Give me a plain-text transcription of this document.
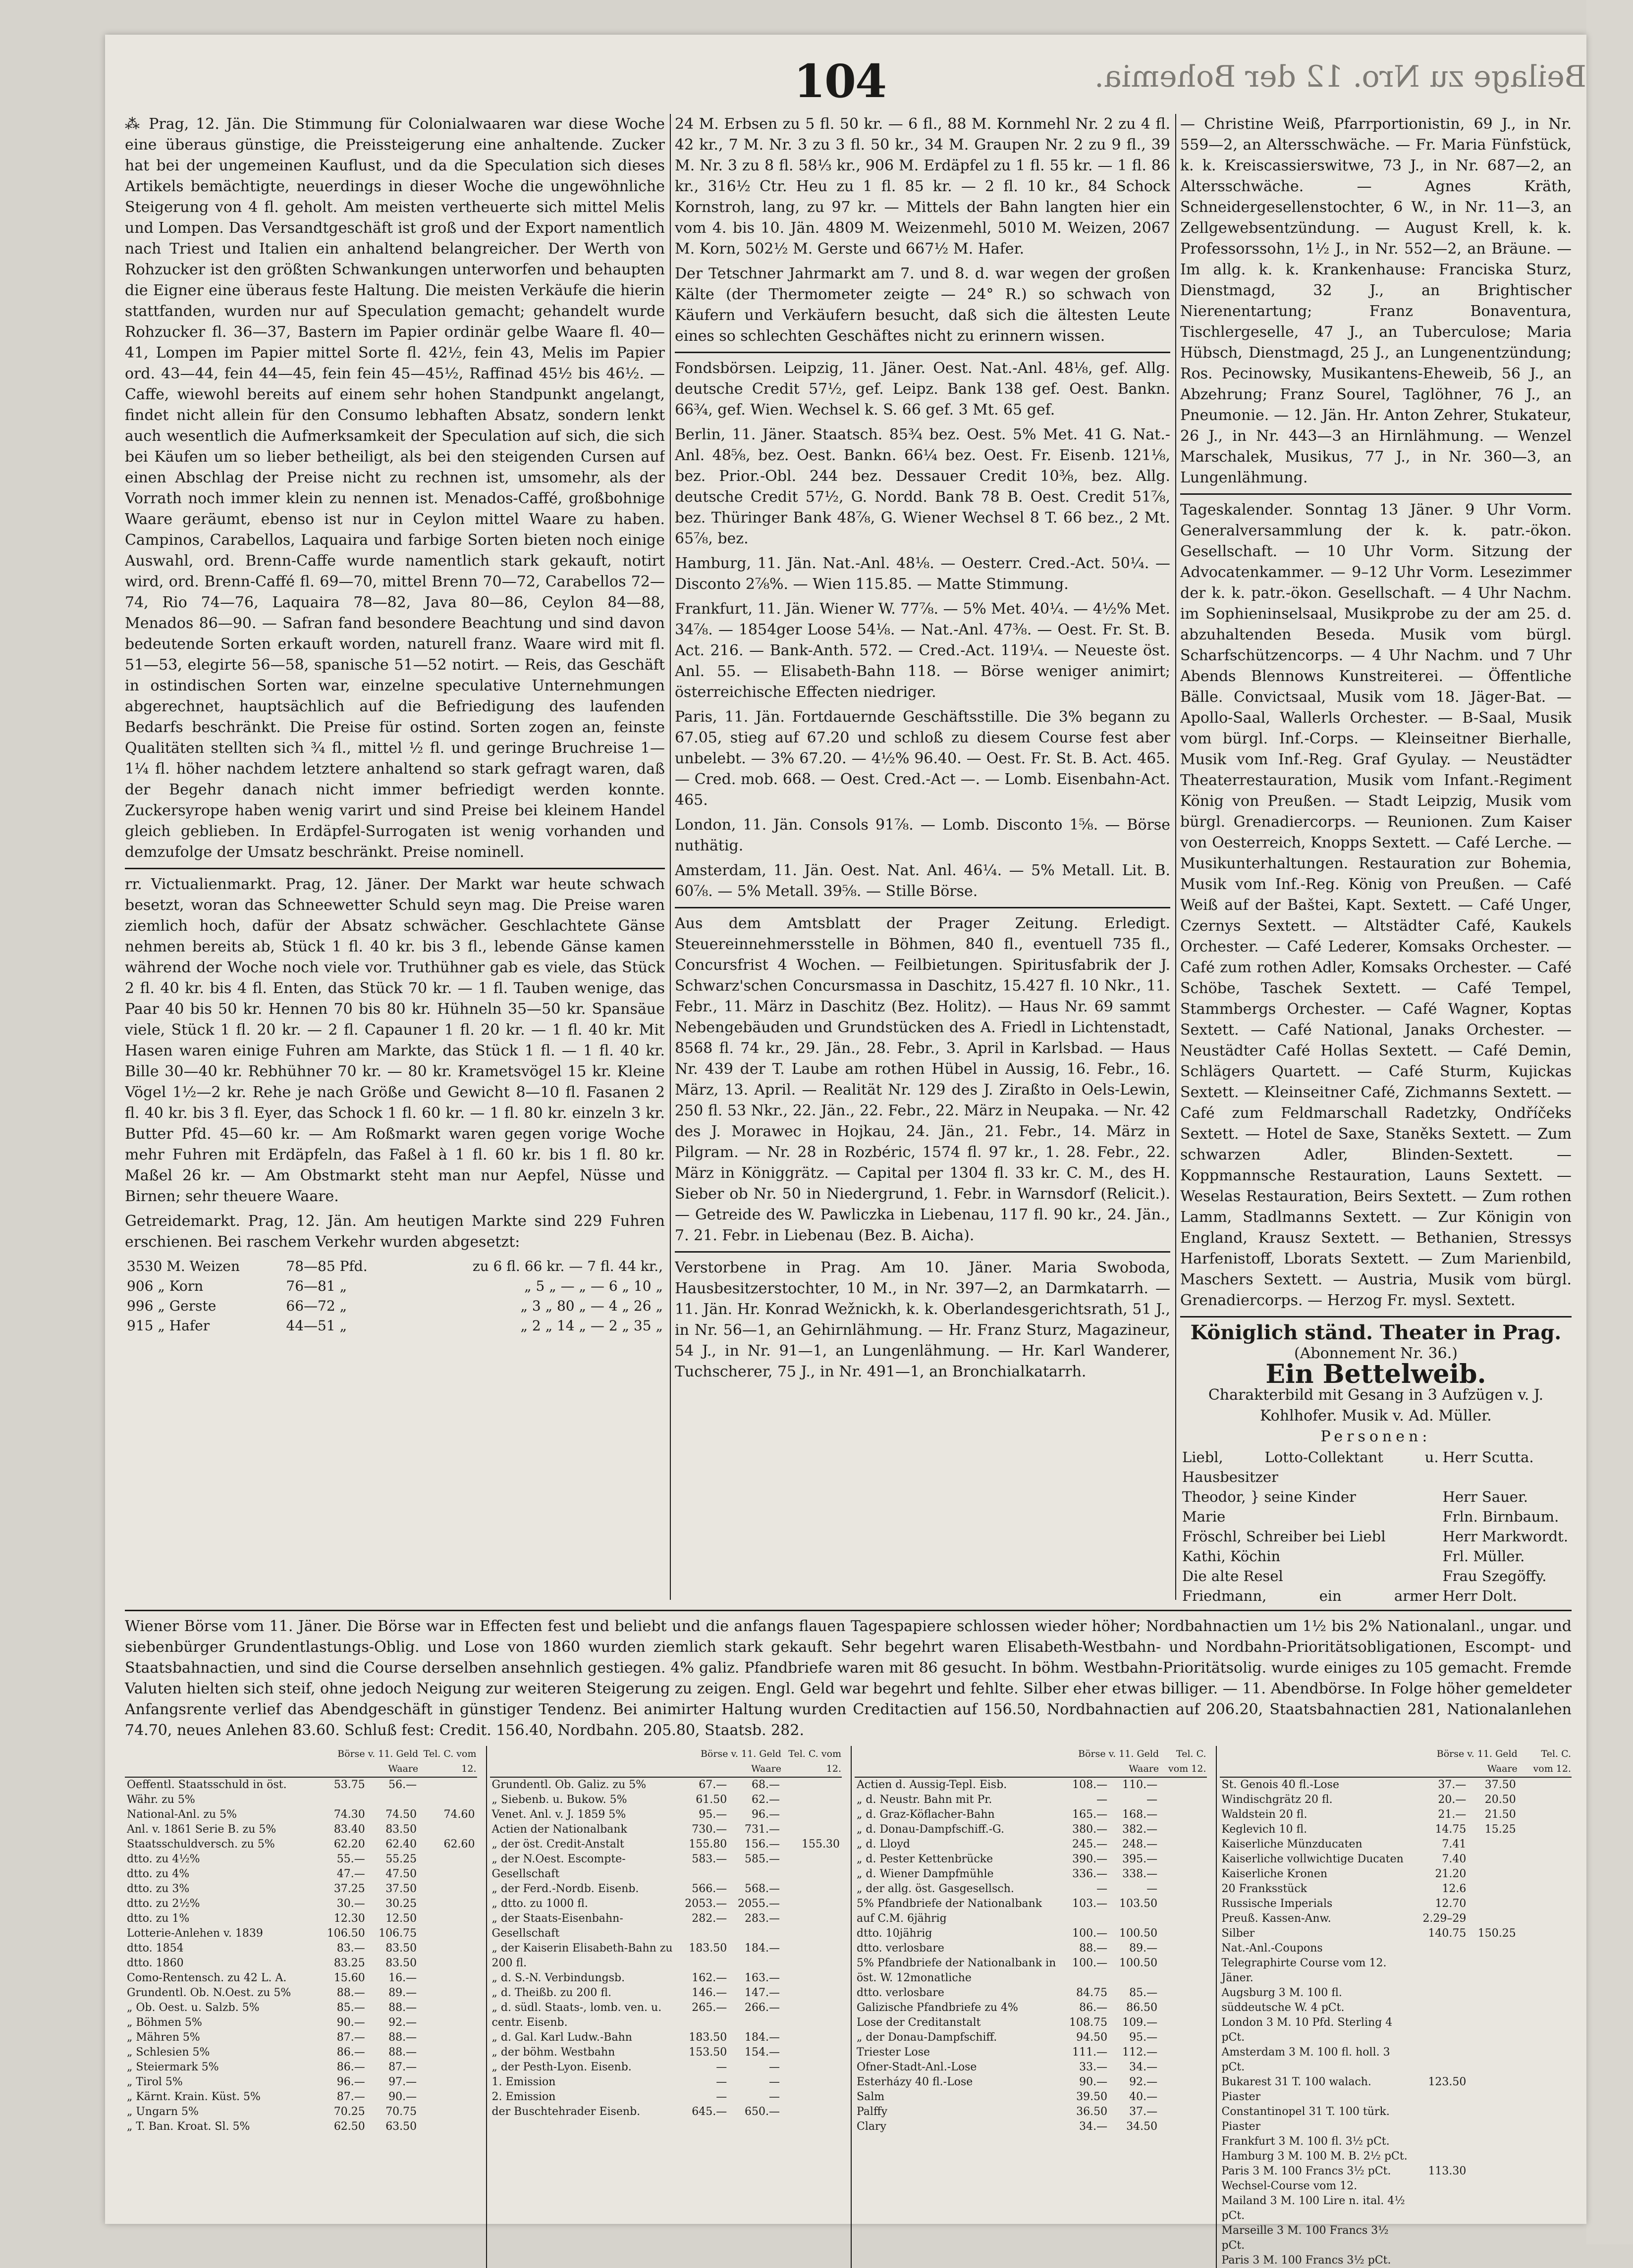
104	Beilage zu Nro. 12 der Bohemia.

⁂ Prag, 12. Jän. Die Stimmung für Colonialwaaren war diese Woche eine überaus günstige, die Preissteigerung eine anhaltende. Zucker hat bei der ungemeinen Kauflust, und da die Speculation sich dieses Artikels bemächtigte, neuerdings in dieser Woche die ungewöhnliche Steigerung von 4 fl. geholt. Am meisten vertheuerte sich mittel Melis und Lompen. Das Versandtgeschäft ist groß und der Export namentlich nach Triest und Italien ein anhaltend belangreicher. Der Werth von Rohzucker ist den größten Schwankungen unterworfen und behaupten die Eigner eine überaus feste Haltung. Die meisten Verkäufe die hierin stattfanden, wurden nur auf Speculation gemacht; gehandelt wurde Rohzucker fl. 36—37, Bastern im Papier ordinär gelbe Waare fl. 40—41, Lompen im Papier mittel Sorte fl. 42½, fein 43, Melis im Papier ord. 43—44, fein 44—45, fein fein 45—45½, Raffinad 45½ bis 46½. — Caffe, wiewohl bereits auf einem sehr hohen Standpunkt angelangt, findet nicht allein für den Consumo lebhaften Absatz, sondern lenkt auch wesentlich die Aufmerksamkeit der Speculation auf sich, die sich bei Käufen um so lieber betheiligt, als bei den steigenden Cursen auf einen Abschlag der Preise nicht zu rechnen ist, umsomehr, als der Vorrath noch immer klein zu nennen ist. Menados-Caffé, großbohnige Waare geräumt, ebenso ist nur in Ceylon mittel Waare zu haben. Campinos, Carabellos, Laquaira und farbige Sorten bieten noch einige Auswahl, ord. Brenn-Caffe wurde namentlich stark gekauft, notirt wird, ord. Brenn-Caffé fl. 69—70, mittel Brenn 70—72, Carabellos 72—74, Rio 74—76, Laquaira 78—82, Java 80—86, Ceylon 84—88, Menados 86—90. — Safran fand besondere Beachtung und sind davon bedeutende Sorten erkauft worden, naturell franz. Waare wird mit fl. 51—53, elegirte 56—58, spanische 51—52 notirt. — Reis, das Geschäft in ostindischen Sorten war, einzelne speculative Unternehmungen abgerechnet, hauptsächlich auf die Befriedigung des laufenden Bedarfs beschränkt. Die Preise für ostind. Sorten zogen an, feinste Qualitäten stellten sich ¾ fl., mittel ½ fl. und geringe Bruchreise 1—1¼ fl. höher nachdem letztere anhaltend so stark gefragt waren, daß der Begehr danach nicht immer befriedigt werden konnte. Zuckersyrope haben wenig varirt und sind Preise bei kleinem Handel gleich geblieben. In Erdäpfel-Surrogaten ist wenig vorhanden und demzufolge der Umsatz beschränkt. Preise nominell.

rr. Victualienmarkt. Prag, 12. Jäner. Der Markt war heute schwach besetzt, woran das Schneewetter Schuld seyn mag. Die Preise waren ziemlich hoch, dafür der Absatz schwächer. Geschlachtete Gänse nehmen bereits ab, Stück 1 fl. 40 kr. bis 3 fl., lebende Gänse kamen während der Woche noch viele vor. Truthühner gab es viele, das Stück 2 fl. 40 kr. bis 4 fl. Enten, das Stück 70 kr. — 1 fl. Tauben wenige, das Paar 40 bis 50 kr. Hennen 70 bis 80 kr. Hühneln 35—50 kr. Spansäue viele, Stück 1 fl. 20 kr. — 2 fl. Capauner 1 fl. 20 kr. — 1 fl. 40 kr. Mit Hasen waren einige Fuhren am Markte, das Stück 1 fl. — 1 fl. 40 kr. Bille 30—40 kr. Rebhühner 70 kr. — 80 kr. Krametsvögel 15 kr. Kleine Vögel 1½—2 kr. Rehe je nach Größe und Gewicht 8—10 fl. Fasanen 2 fl. 40 kr. bis 3 fl. Eyer, das Schock 1 fl. 60 kr. — 1 fl. 80 kr. einzeln 3 kr. Butter Pfd. 45—60 kr. — Am Roßmarkt waren gegen vorige Woche mehr Fuhren mit Erdäpfeln, das Faßel à 1 fl. 60 kr. bis 1 fl. 80 kr. Maßel 26 kr. — Am Obstmarkt steht man nur Aepfel, Nüsse und Birnen; sehr theuere Waare.

Getreidemarkt. Prag, 12. Jän. Am heutigen Markte sind 229 Fuhren erschienen. Bei raschem Verkehr wurden abgesetzt:

3530 M. Weizen	78—85 Pfd.	zu 6 fl. 66 kr. — 7 fl. 44 kr.,
906 „ Korn	76—81 „	„ 5 „ — „ — 6 „ 10 „
996 „ Gerste	66—72 „	„ 3 „ 80 „ — 4 „ 26 „
915 „ Hafer	44—51 „	„ 2 „ 14 „ — 2 „ 35 „

24 M. Erbsen zu 5 fl. 50 kr. — 6 fl., 88 M. Kornmehl Nr. 2 zu 4 fl. 42 kr., 7 M. Nr. 3 zu 3 fl. 50 kr., 34 M. Graupen Nr. 2 zu 9 fl., 39 M. Nr. 3 zu 8 fl. 58⅓ kr., 906 M. Erdäpfel zu 1 fl. 55 kr. — 1 fl. 86 kr., 316½ Ctr. Heu zu 1 fl. 85 kr. — 2 fl. 10 kr., 84 Schock Kornstroh, lang, zu 97 kr. — Mittels der Bahn langten hier ein vom 4. bis 10. Jän. 4809 M. Weizenmehl, 5010 M. Weizen, 2067 M. Korn, 502½ M. Gerste und 667½ M. Hafer.

Der Tetschner Jahrmarkt am 7. und 8. d. war wegen der großen Kälte (der Thermometer zeigte — 24° R.) so schwach von Käufern und Verkäufern besucht, daß sich die ältesten Leute eines so schlechten Geschäftes nicht zu erinnern wissen.

Fondsbörsen. Leipzig, 11. Jäner. Oest. Nat.-Anl. 48⅛, gef. Allg. deutsche Credit 57½, gef. Leipz. Bank 138 gef. Oest. Bankn. 66¾, gef. Wien. Wechsel k. S. 66 gef. 3 Mt. 65 gef.

Berlin, 11. Jäner. Staatsch. 85¾ bez. Oest. 5% Met. 41 G. Nat.-Anl. 48⅝, bez. Oest. Bankn. 66¼ bez. Oest. Fr. Eisenb. 121⅛, bez. Prior.-Obl. 244 bez. Dessauer Credit 10⅜, bez. Allg. deutsche Credit 57½, G. Nordd. Bank 78 B. Oest. Credit 51⅞, bez. Thüringer Bank 48⅞, G. Wiener Wechsel 8 T. 66 bez., 2 Mt. 65⅞, bez.

Hamburg, 11. Jän. Nat.-Anl. 48⅛. — Oesterr. Cred.-Act. 50¼. — Disconto 2⅞%. — Wien 115.85. — Matte Stimmung.

Frankfurt, 11. Jän. Wiener W. 77⅞. — 5% Met. 40¼. — 4½% Met. 34⅞. — 1854ger Loose 54⅛. — Nat.-Anl. 47⅜. — Oest. Fr. St. B. Act. 216. — Bank-Anth. 572. — Cred.-Act. 119¼. — Neueste öst. Anl. 55. — Elisabeth-Bahn 118. — Börse weniger animirt; österreichische Effecten niedriger.

Paris, 11. Jän. Fortdauernde Geschäftsstille. Die 3% begann zu 67.05, stieg auf 67.20 und schloß zu diesem Course fest aber unbelebt. — 3% 67.20. — 4½% 96.40. — Oest. Fr. St. B. Act. 465. — Cred. mob. 668. — Oest. Cred.-Act —. — Lomb. Eisenbahn-Act. 465.

London, 11. Jän. Consols 91⅞. — Lomb. Disconto 1⅝. — Börse nuthätig.

Amsterdam, 11. Jän. Oest. Nat. Anl. 46¼. — 5% Metall. Lit. B. 60⅞. — 5% Metall. 39⅝. — Stille Börse.

Aus dem Amtsblatt der Prager Zeitung. Erledigt. Steuereinnehmersstelle in Böhmen, 840 fl., eventuell 735 fl., Concursfrist 4 Wochen. — Feilbietungen. Spiritusfabrik der J. Schwarz'schen Concursmassa in Daschitz, 15.427 fl. 10 Nkr., 11. Febr., 11. März in Daschitz (Bez. Holitz). — Haus Nr. 69 sammt Nebengebäuden und Grundstücken des A. Friedl in Lichtenstadt, 8568 fl. 74 kr., 29. Jän., 28. Febr., 3. April in Karlsbad. — Haus Nr. 439 der T. Laube am rothen Hübel in Aussig, 16. Febr., 16. März, 13. April. — Realität Nr. 129 des J. Ziraßto in Oels-Lewin, 250 fl. 53 Nkr., 22. Jän., 22. Febr., 22. März in Neupaka. — Nr. 42 des J. Morawec in Hojkau, 24. Jän., 21. Febr., 14. März in Pilgram. — Nr. 28 in Rozbéric, 1574 fl. 97 kr., 1. 28. Febr., 22. März in Königgrätz. — Capital per 1304 fl. 33 kr. C. M., des H. Sieber ob Nr. 50 in Niedergrund, 1. Febr. in Warnsdorf (Relicit.). — Getreide des W. Pawliczka in Liebenau, 117 fl. 90 kr., 24. Jän., 7. 21. Febr. in Liebenau (Bez. B. Aicha).

Verstorbene in Prag. Am 10. Jäner. Maria Swoboda, Hausbesitzerstochter, 10 M., in Nr. 397—2, an Darmkatarrh. — 11. Jän. Hr. Konrad Wežnickh, k. k. Oberlandesgerichtsrath, 51 J., in Nr. 56—1, an Gehirnlähmung. — Hr. Franz Sturz, Magazineur, 54 J., in Nr. 91—1, an Lungenlähmung. — Hr. Karl Wanderer, Tuchscherer, 75 J., in Nr. 491—1, an Bronchialkatarrh.

— Christine Weiß, Pfarrportionistin, 69 J., in Nr. 559—2, an Altersschwäche. — Fr. Maria Fünfstück, k. k. Kreiscassierswitwe, 73 J., in Nr. 687—2, an Altersschwäche. — Agnes Kräth, Schneidergesellenstochter, 6 W., in Nr. 11—3, an Zellgewebsentzündung. — August Krell, k. k. Professorssohn, 1½ J., in Nr. 552—2, an Bräune. — Im allg. k. k. Krankenhause: Franciska Sturz, Dienstmagd, 32 J., an Brightischer Nierenentartung; Franz Bonaventura, Tischlergeselle, 47 J., an Tuberculose; Maria Hübsch, Dienstmagd, 25 J., an Lungenentzündung; Ros. Pecinowsky, Musikantens-Eheweib, 56 J., an Abzehrung; Franz Sourel, Taglöhner, 76 J., an Pneumonie. — 12. Jän. Hr. Anton Zehrer, Stukateur, 26 J., in Nr. 443—3 an Hirnlähmung. — Wenzel Marschalek, Musikus, 77 J., in Nr. 360—3, an Lungenlähmung.

Tageskalender. Sonntag 13 Jäner. 9 Uhr Vorm. Generalversammlung der k. k. patr.-ökon. Gesellschaft. — 10 Uhr Vorm. Sitzung der Advocatenkammer. — 9–12 Uhr Vorm. Lesezimmer der k. k. patr.-ökon. Gesellschaft. — 4 Uhr Nachm. im Sophieninselsaal, Musikprobe zu der am 25. d. abzuhaltenden Beseda. Musik vom bürgl. Scharfschützencorps. — 4 Uhr Nachm. und 7 Uhr Abends Blennows Kunstreiterei. — Öffentliche Bälle. Convictsaal, Musik vom 18. Jäger-Bat. — Apollo-Saal, Wallerls Orchester. — B-Saal, Musik vom bürgl. Inf.-Corps. — Kleinseitner Bierhalle, Musik vom Inf.-Reg. Graf Gyulay. — Neustädter Theaterrestauration, Musik vom Infant.-Regiment König von Preußen. — Stadt Leipzig, Musik vom bürgl. Grenadiercorps. — Reunionen. Zum Kaiser von Oesterreich, Knopps Sextett. — Café Lerche. — Musikunterhaltungen. Restauration zur Bohemia, Musik vom Inf.-Reg. König von Preußen. — Café Weiß auf der Baštei, Kapt. Sextett. — Café Unger, Czernys Sextett. — Altstädter Café, Kaukels Orchester. — Café Lederer, Komsaks Orchester. — Café zum rothen Adler, Komsaks Orchester. — Café Schöbe, Taschek Sextett. — Café Tempel, Stammbergs Orchester. — Café Wagner, Koptas Sextett. — Café National, Janaks Orchester. — Neustädter Café Hollas Sextett. — Café Demin, Schlägers Quartett. — Café Sturm, Kujickas Sextett. — Kleinseitner Café, Zichmanns Sextett. — Café zum Feldmarschall Radetzky, Ondříčeks Sextett. — Hotel de Saxe, Staněks Sextett. — Zum schwarzen Adler, Blinden-Sextett. — Koppmannsche Restauration, Launs Sextett. — Weselas Restauration, Beirs Sextett. — Zum rothen Lamm, Stadlmanns Sextett. — Zur Königin von England, Krausz Sextett. — Bethanien, Stressys Harfenistoff, Lborats Sextett. — Zum Marienbild, Maschers Sextett. — Austria, Musik vom bürgl. Grenadiercorps. — Herzog Fr. mysl. Sextett.

Königlich ständ. Theater in Prag.
(Abonnement Nr. 36.)
Ein Bettelweib.
Charakterbild mit Gesang in 3 Aufzügen v. J. Kohlhofer. Musik v. Ad. Müller.
Personen:
Liebl, Lotto-Collektant u. Hausbesitzer	Herr Scutta.
Theodor, } seine Kinder	Herr Sauer.
Marie	Frln. Birnbaum.
Fröschl, Schreiber bei Liebl	Herr Markwordt.
Kathi, Köchin	Frl. Müller.
Die alte Resel	Frau Szegöffy.
Friedmann, ein armer	Herr Dolt.

Wiener Börse vom 11. Jäner. Die Börse war in Effecten fest und beliebt und die anfangs flauen Tagespapiere schlossen wieder höher; Nordbahnactien um 1½ bis 2% Nationalanl., ungar. und siebenbürger Grundentlastungs-Oblig. und Lose von 1860 wurden ziemlich stark gekauft. Sehr begehrt waren Elisabeth-Westbahn- und Nordbahn-Prioritätsobligationen, Escompt- und Staatsbahnactien, und sind die Course derselben ansehnlich gestiegen. 4% galiz. Pfandbriefe waren mit 86 gesucht. In böhm. Westbahn-Prioritätsolig. wurde einiges zu 105 gemacht. Fremde Valuten hielten sich steif, ohne jedoch Neigung zur weiteren Steigerung zu zeigen. Engl. Geld war begehrt und fehlte. Silber eher etwas billiger. — 11. Abendbörse. In Folge höher gemeldeter Anfangsrente verlief das Abendgeschäft in günstiger Tendenz. Bei animirter Haltung wurden Creditactien auf 156.50, Nordbahnactien auf 206.20, Staatsbahnactien 281, Nationalanlehen 74.70, neues Anlehen 83.60. Schluß fest: Credit. 156.40, Nordbahn. 205.80, Staatsb. 282.
	Börse v. 11. Geld Waare		Tel. C. vom 12.
Oeffentl. Staatsschuld in öst. Währ. zu 5%	53.75	56.—	
National-Anl. zu 5%	74.30	74.50	74.60
Anl. v. 1861 Serie B. zu 5%	83.40	83.50	
Staatsschuldversch. zu 5%	62.20	62.40	62.60
dtto. zu 4½%	55.—	55.25	
dtto. zu 4%	47.—	47.50	
dtto. zu 3%	37.25	37.50	
dtto. zu 2½%	30.—	30.25	
dtto. zu 1%	12.30	12.50	
Lotterie-Anlehen v. 1839	106.50	106.75	
dtto. 1854	83.—	83.50	
dtto. 1860	83.25	83.50	
Como-Rentensch. zu 42 L. A.	15.60	16.—	
Grundentl. Ob. N.Oest. zu 5%	88.—	89.—	
„ Ob. Oest. u. Salzb. 5%	85.—	88.—	
„ Böhmen 5%	90.—	92.—	
„ Mähren 5%	87.—	88.—	
„ Schlesien 5%	86.—	88.—	
„ Steiermark 5%	86.—	87.—	
„ Tirol 5%	96.—	97.—	
„ Kärnt. Krain. Küst. 5%	87.—	90.—	
„ Ungarn 5%	70.25	70.75	
„ T. Ban. Kroat. Sl. 5%	62.50	63.50	
	Börse v. 11. Geld Waare		Tel. C. vom 12.
Grundentl. Ob. Galiz. zu 5%	67.—	68.—	
„ Siebenb. u. Bukow. 5%	61.50	62.—	
Venet. Anl. v. J. 1859 5%	95.—	96.—	
Actien der Nationalbank	730.—	731.—	
„ der öst. Credit-Anstalt	155.80	156.—	155.30
„ der N.Oest. Escompte-Gesellschaft	583.—	585.—	
„ der Ferd.-Nordb. Eisenb.	566.—	568.—	
„ dtto. zu 1000 fl.	2053.—	2055.—	
„ der Staats-Eisenbahn-Gesellschaft	282.—	283.—	
„ der Kaiserin Elisabeth-Bahn zu 200 fl.	183.50	184.—	
„ d. S.-N. Verbindungsb.	162.—	163.—	
„ d. Theißb. zu 200 fl.	146.—	147.—	
„ d. südl. Staats-, lomb. ven. u. centr. Eisenb.	265.—	266.—	
„ d. Gal. Karl Ludw.-Bahn	183.50	184.—	
„ der böhm. Westbahn	153.50	154.—	
„ der Pesth-Lyon. Eisenb.	—	—	
1. Emission	—	—	
2. Emission	—	—	
der Buschtehrader Eisenb.	645.—	650.—	
	Börse v. 11. Geld Waare		Tel. C. vom 12.
Actien d. Aussig-Tepl. Eisb.	108.—	110.—	
„ d. Neustr. Bahn mit Pr.	—	—	
„ d. Graz-Köflacher-Bahn	165.—	168.—	
„ d. Donau-Dampfschiff.-G.	380.—	382.—	
„ d. Lloyd	245.—	248.—	
„ d. Pester Kettenbrücke	390.—	395.—	
„ d. Wiener Dampfmühle	336.—	338.—	
„ der allg. öst. Gasgesellsch.	—	—	
5% Pfandbriefe der Nationalbank auf C.M. 6jährig	103.—	103.50	
dtto. 10jährig	100.—	100.50	
dtto. verlosbare	88.—	89.—	
5% Pfandbriefe der Nationalbank in öst. W. 12monatliche	100.—	100.50	
dtto. verlosbare	84.75	85.—	
Galizische Pfandbriefe zu 4%	86.—	86.50	
Lose der Creditanstalt	108.75	109.—	
„ der Donau-Dampfschiff.	94.50	95.—	
Triester Lose	111.—	112.—	
Ofner-Stadt-Anl.-Lose	33.—	34.—	
Esterházy 40 fl.-Lose	90.—	92.—	
Salm	39.50	40.—	
Palffy	36.50	37.—	
Clary	34.—	34.50	
	Börse v. 11. Geld Waare		Tel. C. vom 12.
St. Genois 40 fl.-Lose	37.—	37.50	
Windischgrätz 20 fl.	20.—	20.50	
Waldstein 20 fl.	21.—	21.50	
Keglevich 10 fl.	14.75	15.25	
Kaiserliche Münzducaten	7.41		
Kaiserliche vollwichtige Ducaten	7.40		
Kaiserliche Kronen	21.20		
20 Franksstück	12.6		
Russische Imperials	12.70		
Preuß. Kassen-Anw.	2.29–29		
Silber	140.75	150.25	
Nat.-Anl.-Coupons			
Telegraphirte Course vom 12. Jäner.			
Augsburg 3 M. 100 fl. süddeutsche W. 4 pCt.			
London 3 M. 10 Pfd. Sterling 4 pCt.			
Amsterdam 3 M. 100 fl. holl. 3 pCt.			
Bukarest 31 T. 100 walach. Piaster	123.50		
Constantinopel 31 T. 100 türk. Piaster			
Frankfurt 3 M. 100 fl. 3½ pCt.			
Hamburg 3 M. 100 M. B. 2½ pCt.			
Paris 3 M. 100 Francs 3½ pCt.	113.30		
Wechsel-Course vom 12.			
Mailand 3 M. 100 Lire n. ital. 4½ pCt.			
Marseille 3 M. 100 Francs 3½ pCt.			
Paris 3 M. 100 Francs 3½ pCt.			
